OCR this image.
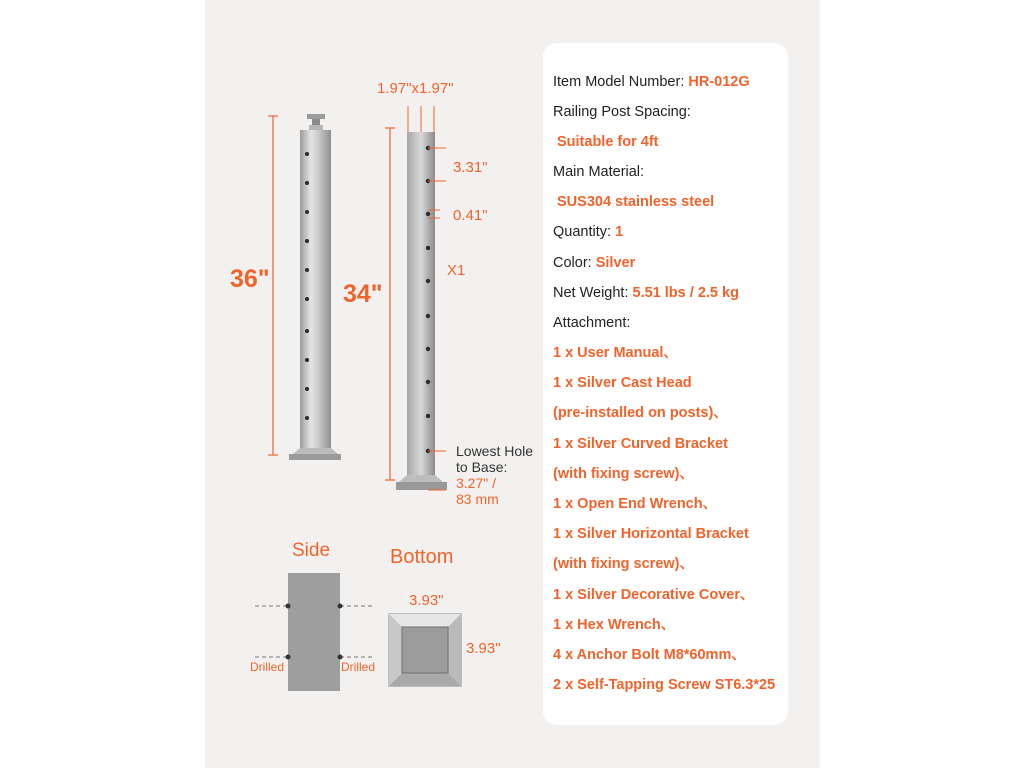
1.97"x1.97"
3.31"
0.41"
X1
36"
34"
Lowest Hole
to Base:
3.27" /
83 mm
Side	Bottom
Drilled	Drilled
3.93"
3.93"
Item Model Number: HR-012G
Railing Post Spacing:
Suitable for 4ft
Main Material:
SUS304 stainless steel
Quantity: 1
Color: Silver
Net Weight: 5.51 lbs / 2.5 kg
Attachment:
1 x User Manual、
1 x Silver Cast Head
(pre-installed on posts)、
1 x Silver Curved Bracket
(with fixing screw)、
1 x Open End Wrench、
1 x Silver Horizontal Bracket
(with fixing screw)、
1 x Silver Decorative Cover、
1 x Hex Wrench、
4 x Anchor Bolt M8*60mm、
2 x Self-Tapping Screw ST6.3*25
